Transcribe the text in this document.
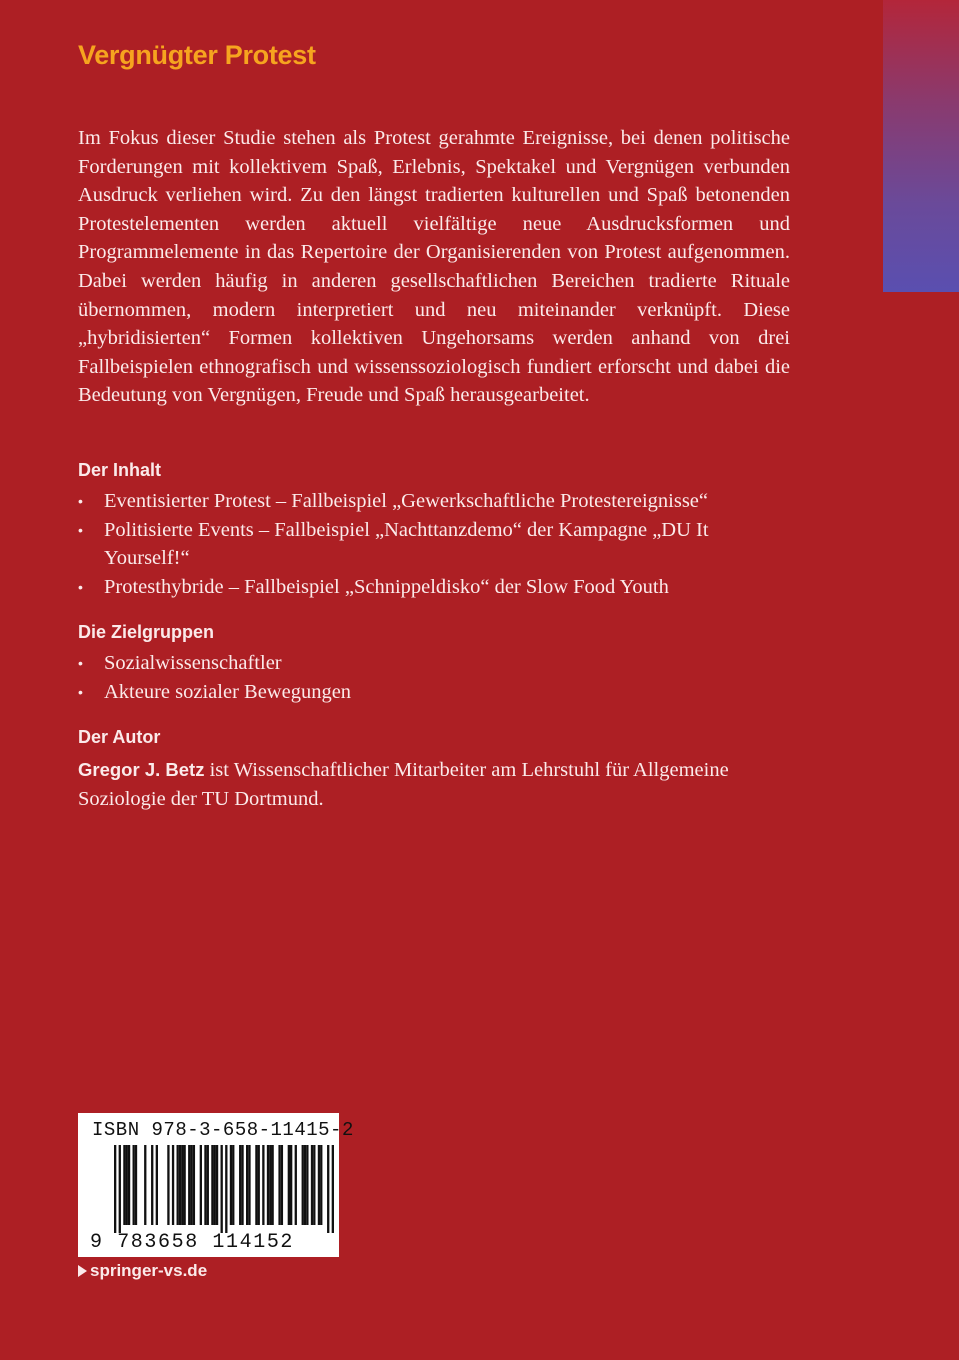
Vergnügter Protest

Im Fokus dieser Studie stehen als Protest gerahmte Ereignisse, bei denen politische Forderungen mit kollektivem Spaß, Erlebnis, Spektakel und Vergnügen verbunden Ausdruck verliehen wird. Zu den längst tradierten kulturellen und Spaß betonenden Protestelementen werden aktuell vielfältige neue Ausdrucksformen und Programmelemente in das Repertoire der Organisierenden von Protest aufgenommen. Dabei werden häufig in anderen gesellschaftlichen Bereichen tradierte Rituale übernommen, modern interpretiert und neu miteinander verknüpft. Diese „hybridisierten“ Formen kollektiven Ungehorsams werden anhand von drei Fallbeispielen ethnografisch und wissenssoziologisch fundiert erforscht und dabei die Bedeutung von Vergnügen, Freude und Spaß herausgearbeitet.

Der Inhalt
• Eventisierter Protest – Fallbeispiel „Gewerkschaftliche Protestereignisse“
• Politisierte Events – Fallbeispiel „Nachttanzdemo“ der Kampagne „DU It Yourself!“
• Protesthybride – Fallbeispiel „Schnippeldisko“ der Slow Food Youth
Die Zielgruppen
• Sozialwissenschaftler
• Akteure sozialer Bewegungen
Der Autor

Gregor J. Betz ist Wissenschaftlicher Mitarbeiter am Lehrstuhl für Allgemeine Soziologie der TU Dortmund.

ISBN 978-3-658-11415-2
9 783658 114152
springer-vs.de
